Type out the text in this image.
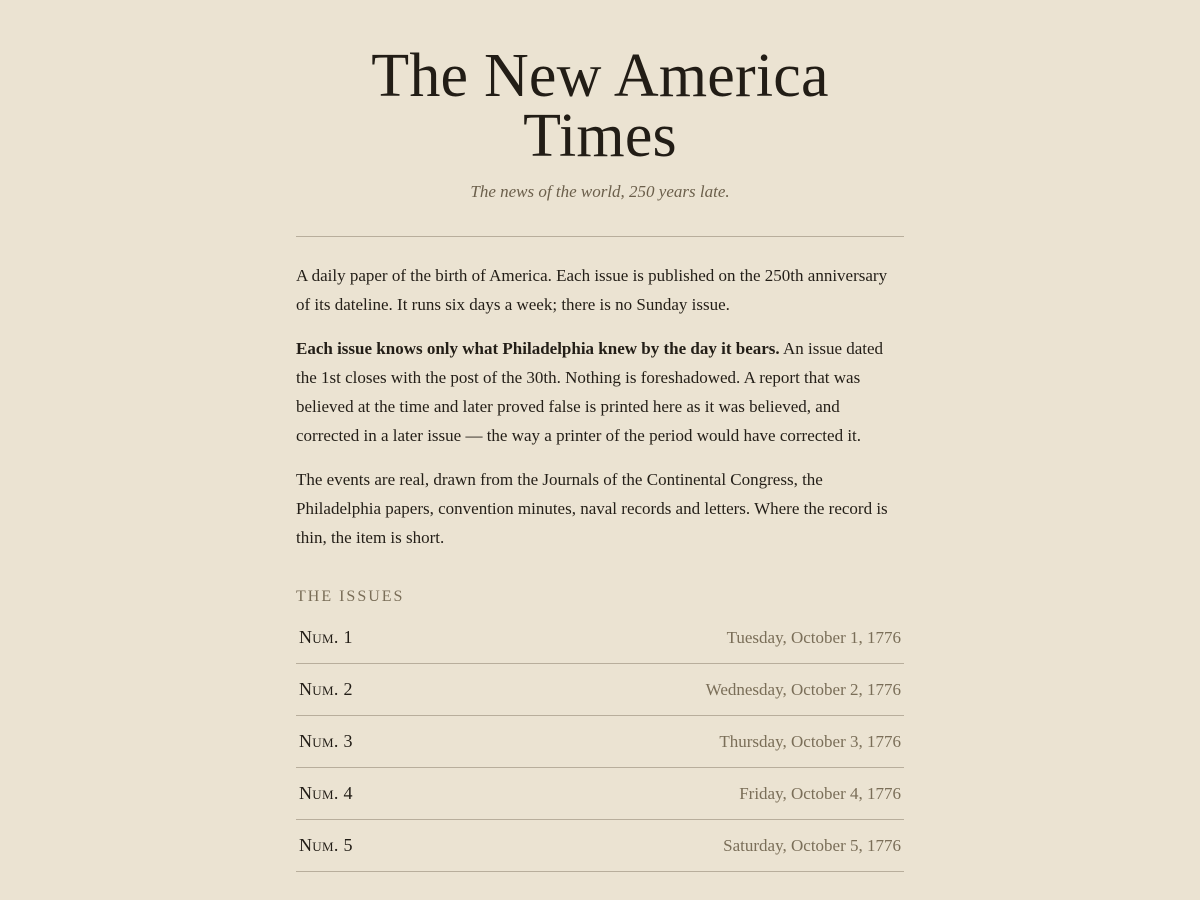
The New America Times
The news of the world, 250 years late.

A daily paper of the birth of America. Each issue is published on the 250th anniversary of its dateline. It runs six days a week; there is no Sunday issue.

Each issue knows only what Philadelphia knew by the day it bears. An issue dated the 1st closes with the post of the 30th. Nothing is foreshadowed. A report that was believed at the time and later proved false is printed here as it was believed, and corrected in a later issue — the way a printer of the period would have corrected it.

The events are real, drawn from the Journals of the Continental Congress, the Philadelphia papers, convention minutes, naval records and letters. Where the record is thin, the item is short.

THE ISSUES
Num. 1	Tuesday, October 1, 1776
Num. 2	Wednesday, October 2, 1776
Num. 3	Thursday, October 3, 1776
Num. 4	Friday, October 4, 1776
Num. 5	Saturday, October 5, 1776
